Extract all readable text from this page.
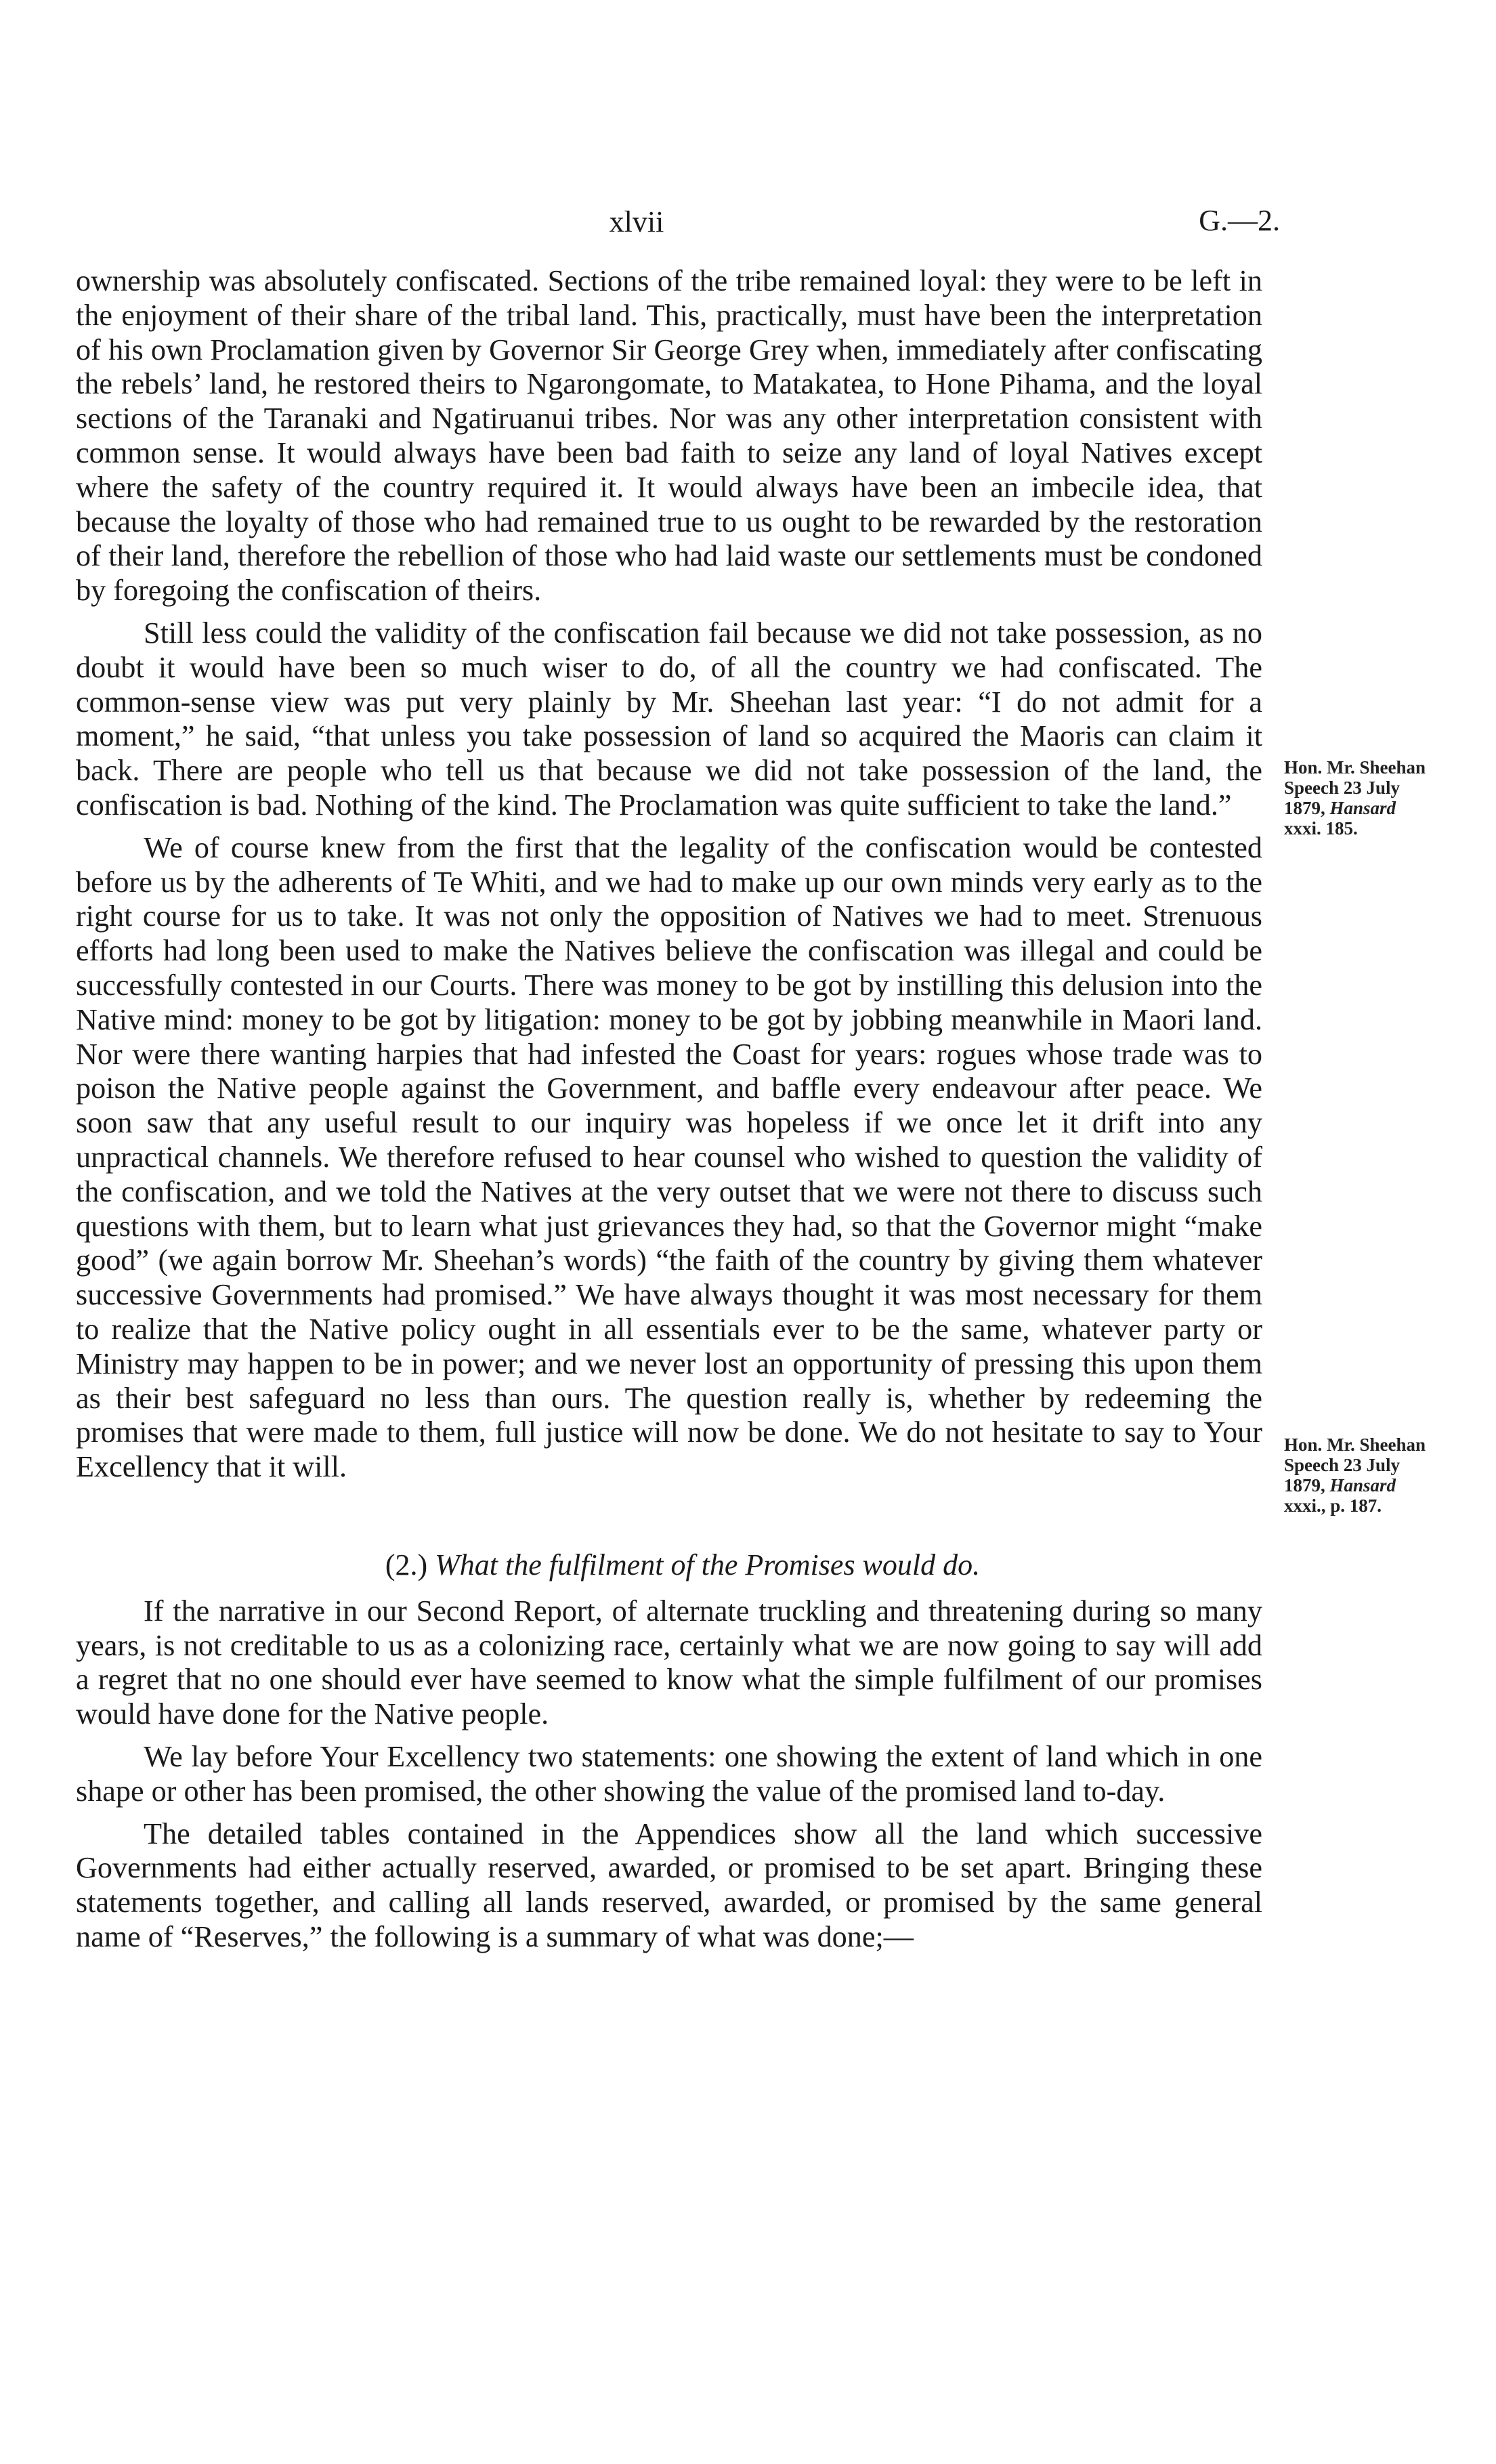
xlvii	G.—2.

ownership was absolutely confiscated. Sections of the tribe remained loyal: they were to be left in the enjoyment of their share of the tribal land. This, practically, must have been the interpretation of his own Proclamation given by Governor Sir George Grey when, immediately after confiscating the rebels’ land, he restored theirs to Ngarongomate, to Matakatea, to Hone Pihama, and the loyal sections of the Taranaki and Ngatiruanui tribes. Nor was any other interpretation consistent with common sense. It would always have been bad faith to seize any land of loyal Natives except where the safety of the country required it. It would always have been an imbecile idea, that because the loyalty of those who had remained true to us ought to be rewarded by the restoration of their land, therefore the rebellion of those who had laid waste our settlements must be condoned by foregoing the confiscation of theirs.

Still less could the validity of the confiscation fail because we did not take possession, as no doubt it would have been so much wiser to do, of all the country we had confiscated. The common-sense view was put very plainly by Mr. Sheehan last year: “I do not admit for a moment,” he said, “that unless you take possession of land so acquired the Maoris can claim it back. There are people who tell us that because we did not take possession of the land, the confiscation is bad. Nothing of the kind. The Proclamation was quite sufficient to take the land.”

We of course knew from the first that the legality of the confiscation would be contested before us by the adherents of Te Whiti, and we had to make up our own minds very early as to the right course for us to take. It was not only the opposition of Natives we had to meet. Strenuous efforts had long been used to make the Natives believe the confiscation was illegal and could be successfully contested in our Courts. There was money to be got by instilling this delusion into the Native mind: money to be got by litigation: money to be got by jobbing meanwhile in Maori land. Nor were there wanting harpies that had infested the Coast for years: rogues whose trade was to poison the Native people against the Government, and baffle every endeavour after peace. We soon saw that any useful result to our inquiry was hopeless if we once let it drift into any unpractical channels. We therefore refused to hear counsel who wished to question the validity of the confiscation, and we told the Natives at the very outset that we were not there to discuss such questions with them, but to learn what just grievances they had, so that the Governor might “make good” (we again borrow Mr. Sheehan’s words) “the faith of the country by giving them whatever successive Governments had promised.” We have always thought it was most necessary for them to realize that the Native policy ought in all essentials ever to be the same, whatever party or Ministry may happen to be in power; and we never lost an opportunity of pressing this upon them as their best safeguard no less than ours. The question really is, whether by redeeming the promises that were made to them, full justice will now be done. We do not hesitate to say to Your Excellency that it will.

(2.) What the fulfilment of the Promises would do.

If the narrative in our Second Report, of alternate truckling and threatening during so many years, is not creditable to us as a colonizing race, certainly what we are now going to say will add a regret that no one should ever have seemed to know what the simple fulfilment of our promises would have done for the Native people.

We lay before Your Excellency two statements: one showing the extent of land which in one shape or other has been promised, the other showing the value of the promised land to-day.

The detailed tables contained in the Appendices show all the land which successive Governments had either actually reserved, awarded, or promised to be set apart. Bringing these statements together, and calling all lands reserved, awarded, or promised by the same general name of “Reserves,” the following is a summary of what was done;—

Hon. Mr. Sheehan
Speech 23 July
1879, Hansard
xxxi. 185.
Hon. Mr. Sheehan
Speech 23 July
1879, Hansard
xxxi., p. 187.
